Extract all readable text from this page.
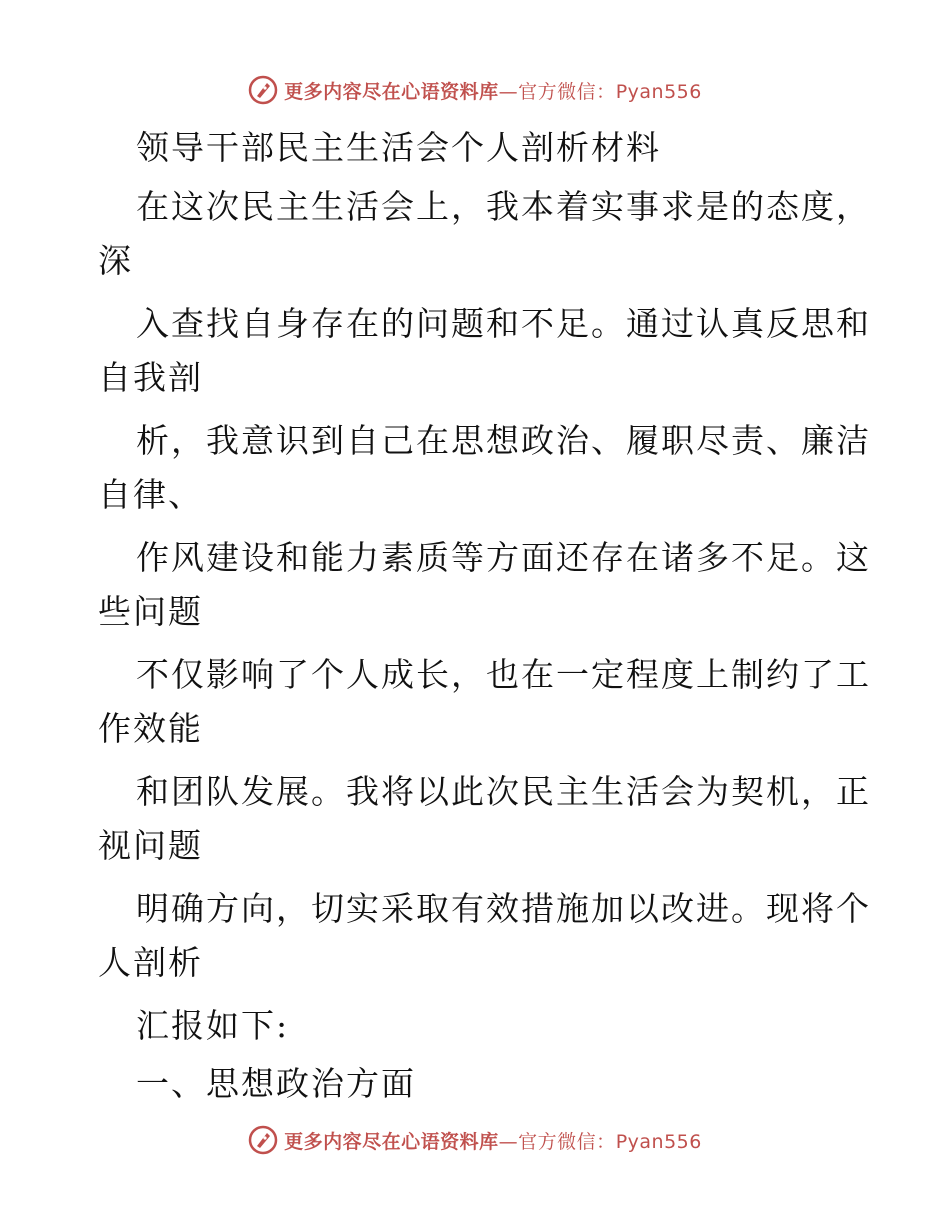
更多内容尽在心语资料库—官方微信：Pyan556
领导干部民主生活会个人剖析材料
在这次民主生活会上，我本着实事求是的态度，
深
入查找自身存在的问题和不足。通过认真反思和
自我剖
析，我意识到自己在思想政治、履职尽责、廉洁
自律、
作风建设和能力素质等方面还存在诸多不足。这
些问题
不仅影响了个人成长，也在一定程度上制约了工
作效能
和团队发展。我将以此次民主生活会为契机，正
视问题
明确方向，切实采取有效措施加以改进。现将个
人剖析
汇报如下:
一、思想政治方面
更多内容尽在心语资料库—官方微信：Pyan556
